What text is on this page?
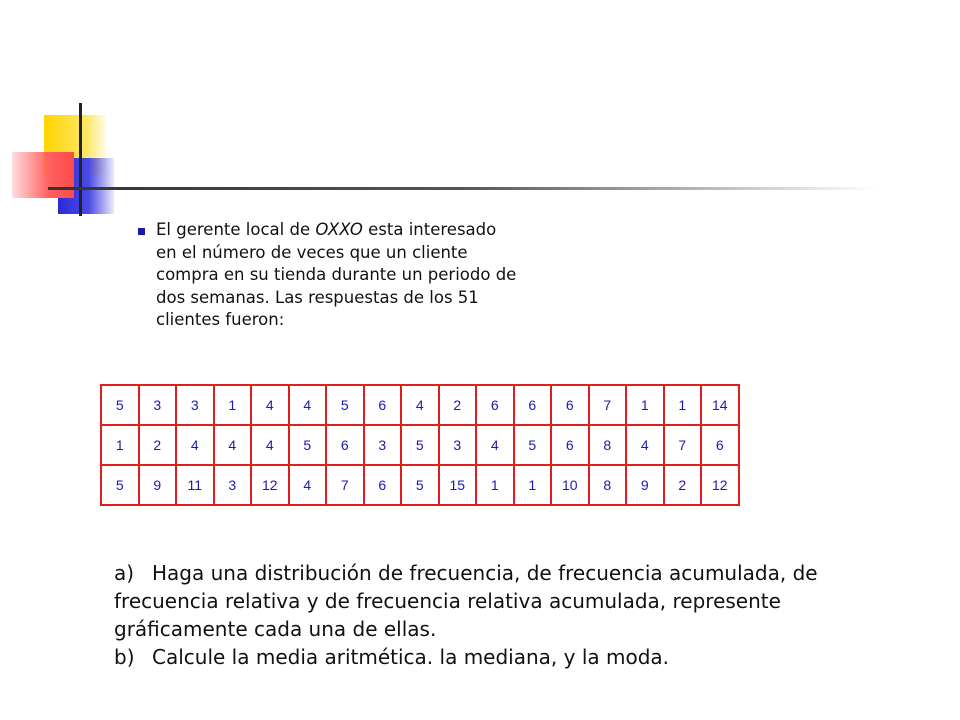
El gerente local de OXXO esta interesado en el número de veces que un cliente compra en su tienda durante un periodo de dos semanas. Las respuestas de los 51 clientes fueron:
5	3	3	1	4	4	5	6	4	2	6	6	6	7	1	1	14
1	2	4	4	4	5	6	3	5	3	4	5	6	8	4	7	6
5	9	11	3	12	4	7	6	5	15	1	1	10	8	9	2	12

a) Haga una distribución de frecuencia, de frecuencia acumulada, de frecuencia relativa y de frecuencia relativa acumulada, represente gráficamente cada una de ellas.

b) Calcule la media aritmética. la mediana, y la moda.
